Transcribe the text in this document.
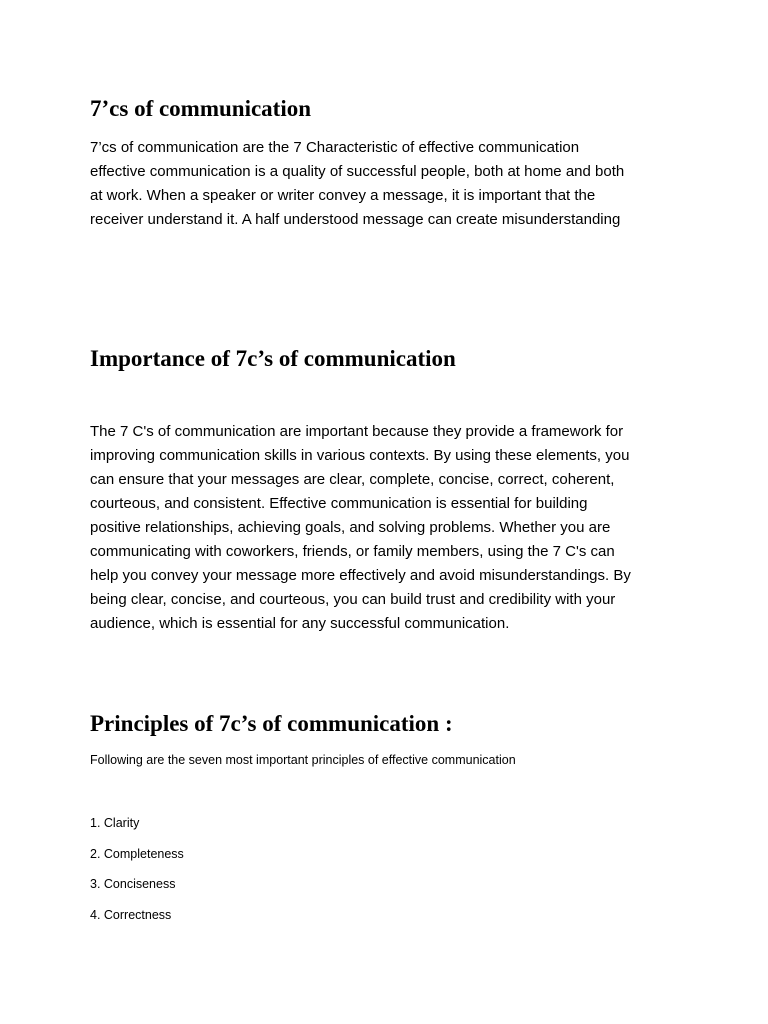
7’cs of communication

7’cs of communication are the 7 Characteristic of effective communication
effective communication is a quality of successful people, both at home and both
at work. When a speaker or writer convey a message, it is important that the
receiver understand it. A half understood message can create misunderstanding

Importance of 7c’s of communication

The 7 C's of communication are important because they provide a framework for
improving communication skills in various contexts. By using these elements, you
can ensure that your messages are clear, complete, concise, correct, coherent,
courteous, and consistent. Effective communication is essential for building
positive relationships, achieving goals, and solving problems. Whether you are
communicating with coworkers, friends, or family members, using the 7 C's can
help you convey your message more effectively and avoid misunderstandings. By
being clear, concise, and courteous, you can build trust and credibility with your
audience, which is essential for any successful communication.

Principles of 7c’s of communication :

Following are the seven most important principles of effective communication

1. Clarity

2. Completeness

3. Conciseness

4. Correctness
